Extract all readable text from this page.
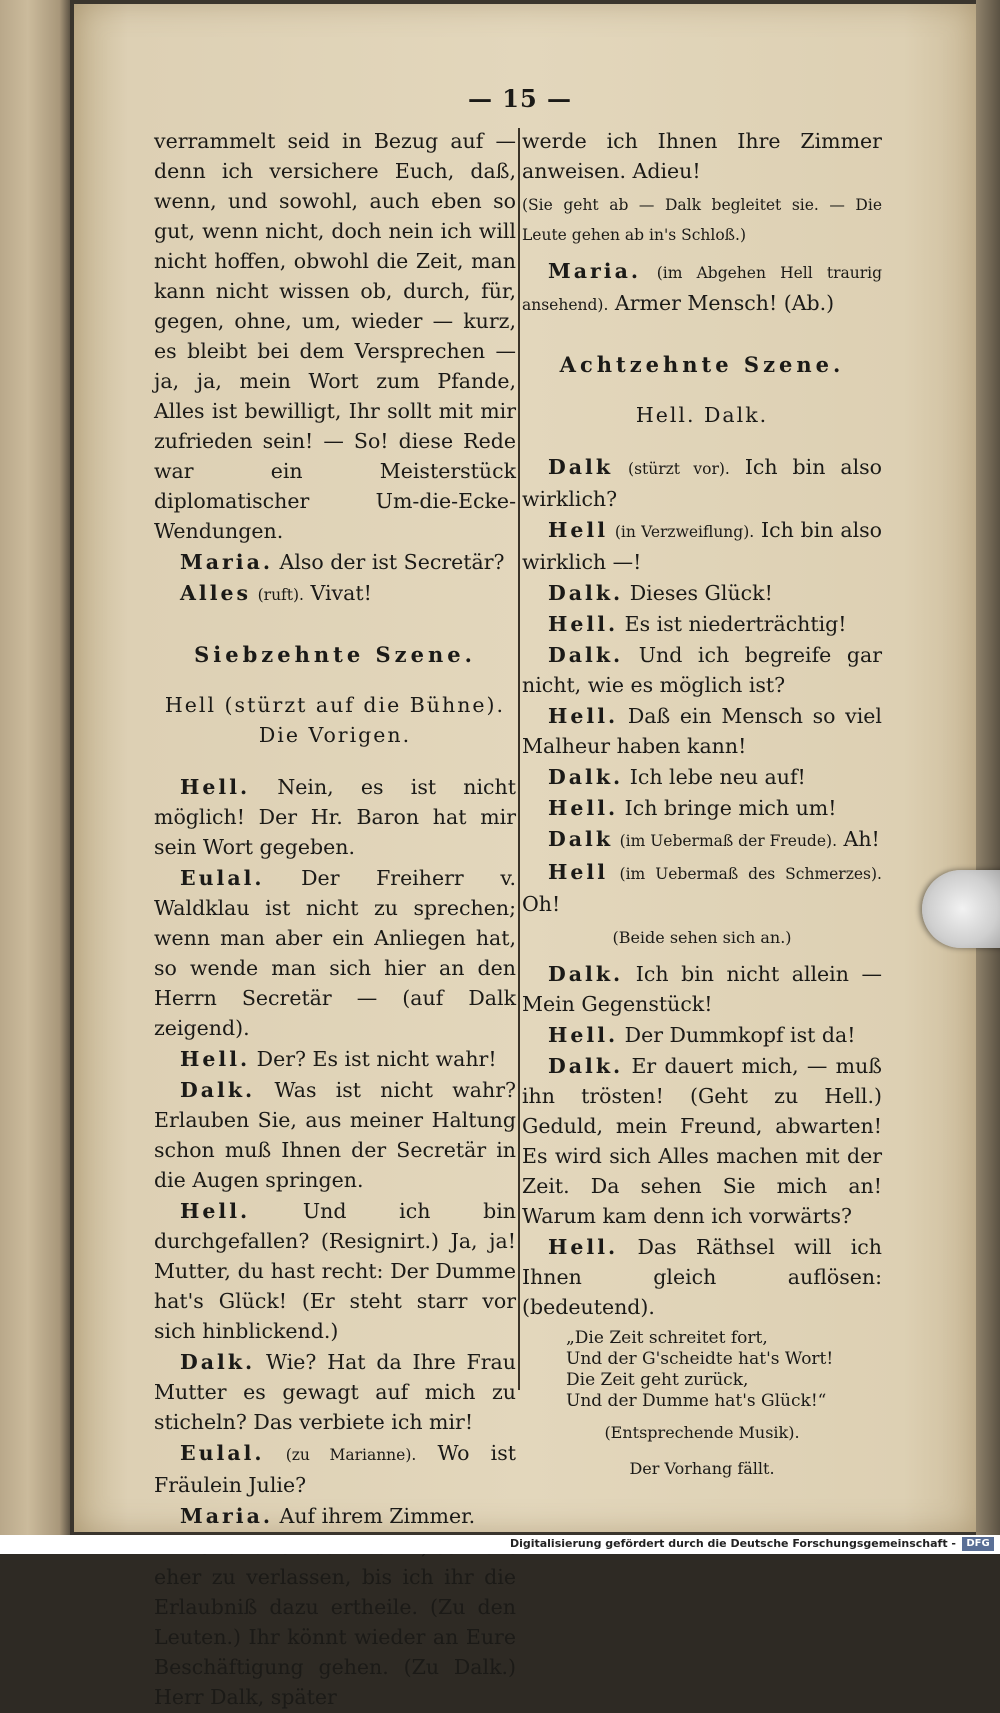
— 15 —

verrammelt seid in Bezug auf — denn ich versichere Euch, daß, wenn, und sowohl, auch eben so gut, wenn nicht, doch nein ich will nicht hoffen, obwohl die Zeit, man kann nicht wissen ob, durch, für, gegen, ohne, um, wieder — kurz, es bleibt bei dem Versprechen — ja, ja, mein Wort zum Pfande, Alles ist bewilligt, Ihr sollt mit mir zufrieden sein! — So! diese Rede war ein Meisterstück diplomatischer Um-die-Ecke-Wendungen.

Maria. Also der ist Secretär?

Alles (ruft). Vivat!

Siebzehnte Szene.

Hell (stürzt auf die Bühne). Die Vorigen.

Hell. Nein, es ist nicht möglich! Der Hr. Baron hat mir sein Wort gegeben.

Eulal. Der Freiherr v. Waldklau ist nicht zu sprechen; wenn man aber ein Anliegen hat, so wende man sich hier an den Herrn Secretär — (auf Dalk zeigend).

Hell. Der? Es ist nicht wahr!

Dalk. Was ist nicht wahr? Erlauben Sie, aus meiner Haltung schon muß Ihnen der Secretär in die Augen springen.

Hell.	Und ich bin durchgefallen? (Resignirt.) Ja, ja! Mutter, du hast recht: Der Dumme hat's Glück! (Er steht starr vor sich hinblickend.)

Dalk. Wie? Hat da Ihre Frau Mutter es gewagt auf mich zu sticheln? Das verbiete ich mir!

Eulal. (zu Marianne). Wo ist Fräulein Julie?

Maria. Auf ihrem Zimmer.

eher zu verlassen, bis ich ihr die Erlaubniß dazu ertheile. (Zu den Leuten.) Ihr könnt wieder an Eure Beschäftigung gehen. (Zu Dalk.) Herr Dalk, später

werde ich Ihnen Ihre Zimmer anweisen. Adieu!

(Sie geht ab — Dalk begleitet sie. — Die Leute gehen ab in's Schloß.)

Maria. (im Abgehen Hell traurig ansehend). Armer Mensch! (Ab.)

Achtzehnte Szene.

Hell. Dalk.

Dalk (stürzt vor). Ich bin also wirklich?

Hell (in Verzweiflung). Ich bin also wirklich —!

Dalk. Dieses Glück!

Hell. Es ist niederträchtig!

Dalk. Und ich begreife gar nicht, wie es möglich ist?

Hell. Daß ein Mensch so viel Malheur haben kann!

Dalk. Ich lebe neu auf!

Hell. Ich bringe mich um!

Dalk (im Uebermaß der Freude). Ah!

Hell (im Uebermaß des Schmerzes). Oh!

(Beide sehen sich an.)

Dalk. Ich bin nicht allein — Mein Gegenstück!

Hell. Der Dummkopf ist da!

Dalk. Er dauert mich, — muß ihn trösten! (Geht zu Hell.) Geduld, mein Freund, abwarten! Es wird sich Alles machen mit der Zeit. Da sehen Sie mich an! Warum kam denn ich vorwärts?

Hell. Das Räthsel will ich Ihnen gleich auflösen: (bedeutend).

„Die Zeit schreitet fort,
Und der G'scheidte hat's Wort!
Die Zeit geht zurück,
Und der Dumme hat's Glück!“

(Entsprechende Musik).

Der Vorhang fällt.

Digitalisierung gefördert durch die Deutsche Forschungsgemeinschaft -	DFG
